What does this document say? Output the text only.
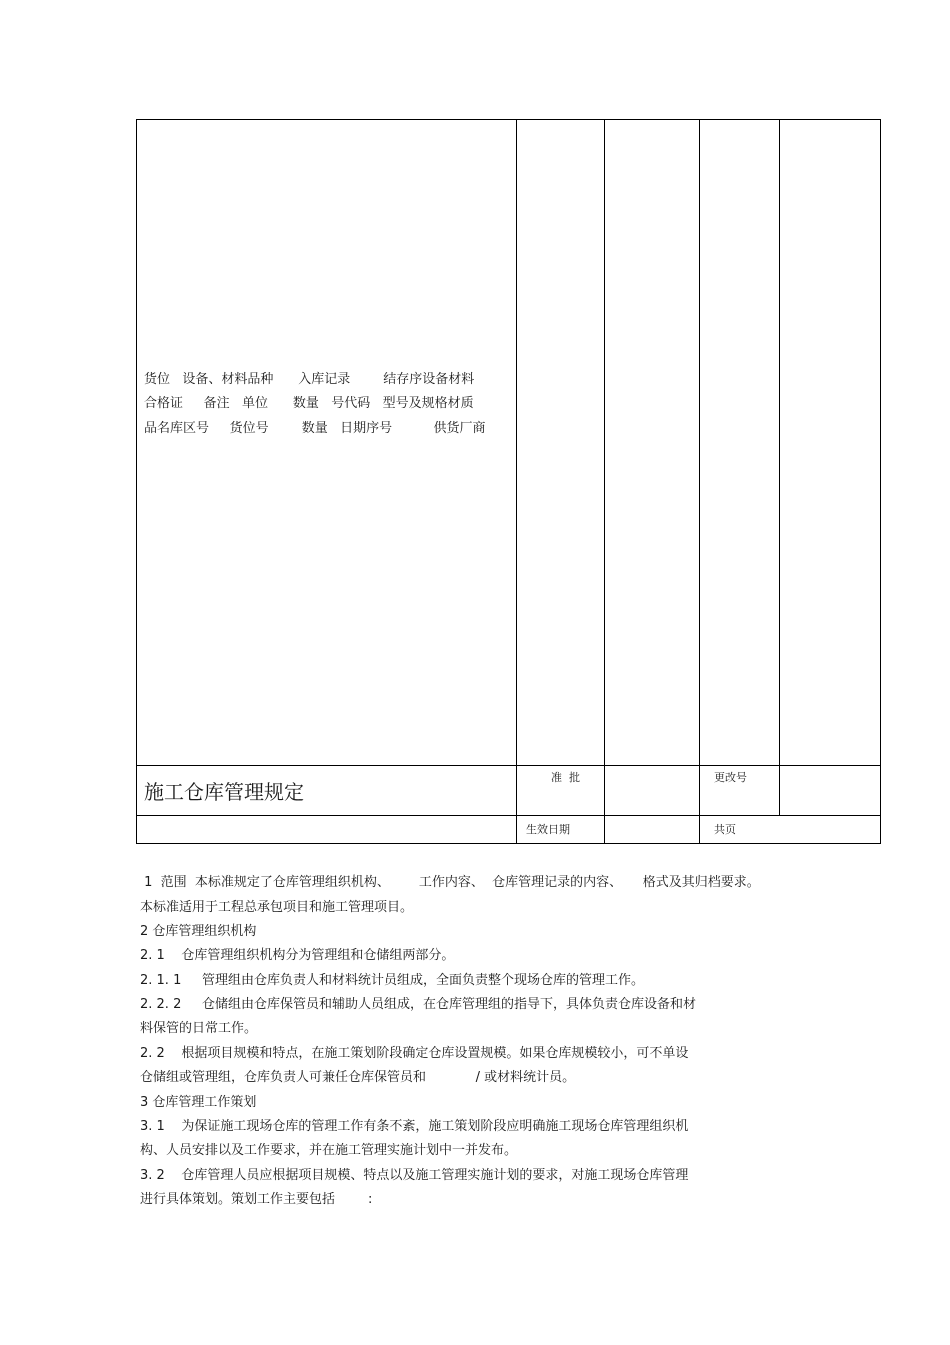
货位   设备、材料品种      入库记录        结存序设备材料
合格证     备注   单位      数量   号代码   型号及规格材质
品名库区号     货位号        数量   日期序号          供货厂商
施工仓库管理规定
准  批	更改号
生效日期	共页
1  范围  本标准规定了仓库管理组织机构、       工作内容、  仓库管理记录的内容、     格式及其归档要求。
本标准适用于工程总承包项目和施工管理项目。
2 仓库管理组织机构
2. 1    仓库管理组织机构分为管理组和仓储组两部分。
2. 1. 1     管理组由仓库负责人和材料统计员组成，全面负责整个现场仓库的管理工作。
2. 2. 2     仓储组由仓库保管员和辅助人员组成，在仓库管理组的指导下，具体负责仓库设备和材
料保管的日常工作。
2. 2    根据项目规模和特点，在施工策划阶段确定仓库设置规模。如果仓库规模较小，可不单设
仓储组或管理组，仓库负责人可兼任仓库保管员和            / 或材料统计员。
3 仓库管理工作策划
3. 1    为保证施工现场仓库的管理工作有条不紊，施工策划阶段应明确施工现场仓库管理组织机
构、人员安排以及工作要求，并在施工管理实施计划中一并发布。
3. 2    仓库管理人员应根据项目规模、特点以及施工管理实施计划的要求，对施工现场仓库管理
进行具体策划。策划工作主要包括        :
